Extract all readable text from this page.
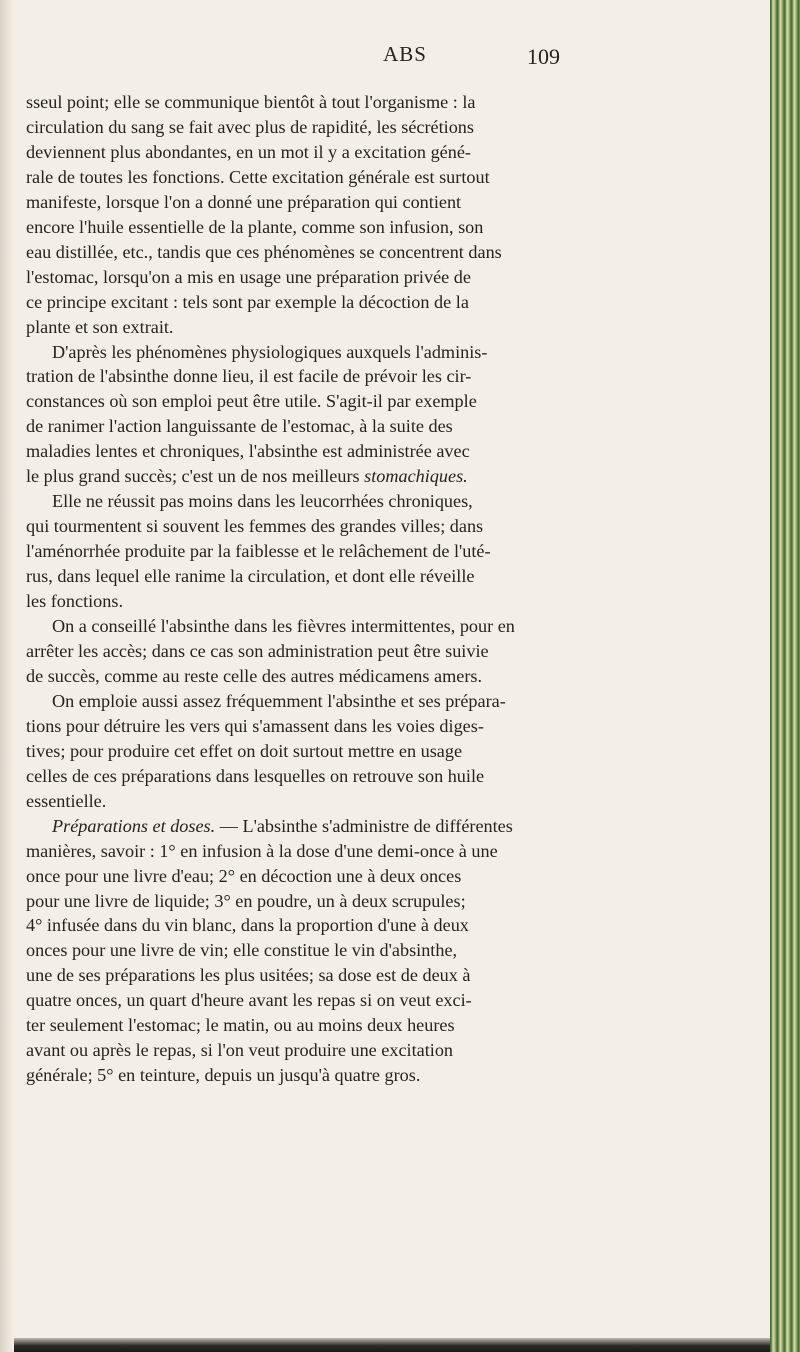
ABS	109
sseul point; elle se communique bientôt à tout l'organisme : la
circulation du sang se fait avec plus de rapidité, les sécrétions
deviennent plus abondantes, en un mot il y a excitation géné-
rale de toutes les fonctions. Cette excitation générale est surtout
manifeste, lorsque l'on a donné une préparation qui contient
encore l'huile essentielle de la plante, comme son infusion, son
eau distillée, etc., tandis que ces phénomènes se concentrent dans
l'estomac, lorsqu'on a mis en usage une préparation privée de
ce principe excitant : tels sont par exemple la décoction de la
plante et son extrait.
D'après les phénomènes physiologiques auxquels l'adminis-
tration de l'absinthe donne lieu, il est facile de prévoir les cir-
constances où son emploi peut être utile. S'agit-il par exemple
de ranimer l'action languissante de l'estomac, à la suite des
maladies lentes et chroniques, l'absinthe est administrée avec
le plus grand succès; c'est un de nos meilleurs stomachiques.
Elle ne réussit pas moins dans les leucorrhées chroniques,
qui tourmentent si souvent les femmes des grandes villes; dans
l'aménorrhée produite par la faiblesse et le relâchement de l'uté-
rus, dans lequel elle ranime la circulation, et dont elle réveille
les fonctions.
On a conseillé l'absinthe dans les fièvres intermittentes, pour en
arrêter les accès; dans ce cas son administration peut être suivie
de succès, comme au reste celle des autres médicamens amers.
On emploie aussi assez fréquemment l'absinthe et ses prépara-
tions pour détruire les vers qui s'amassent dans les voies diges-
tives; pour produire cet effet on doit surtout mettre en usage
celles de ces préparations dans lesquelles on retrouve son huile
essentielle.
Préparations et doses. — L'absinthe s'administre de différentes
manières, savoir : 1° en infusion à la dose d'une demi-once à une
once pour une livre d'eau; 2° en décoction une à deux onces
pour une livre de liquide; 3° en poudre, un à deux scrupules;
4° infusée dans du vin blanc, dans la proportion d'une à deux
onces pour une livre de vin; elle constitue le vin d'absinthe,
une de ses préparations les plus usitées; sa dose est de deux à
quatre onces, un quart d'heure avant les repas si on veut exci-
ter seulement l'estomac; le matin, ou au moins deux heures
avant ou après le repas, si l'on veut produire une excitation
générale; 5° en teinture, depuis un jusqu'à quatre gros.
